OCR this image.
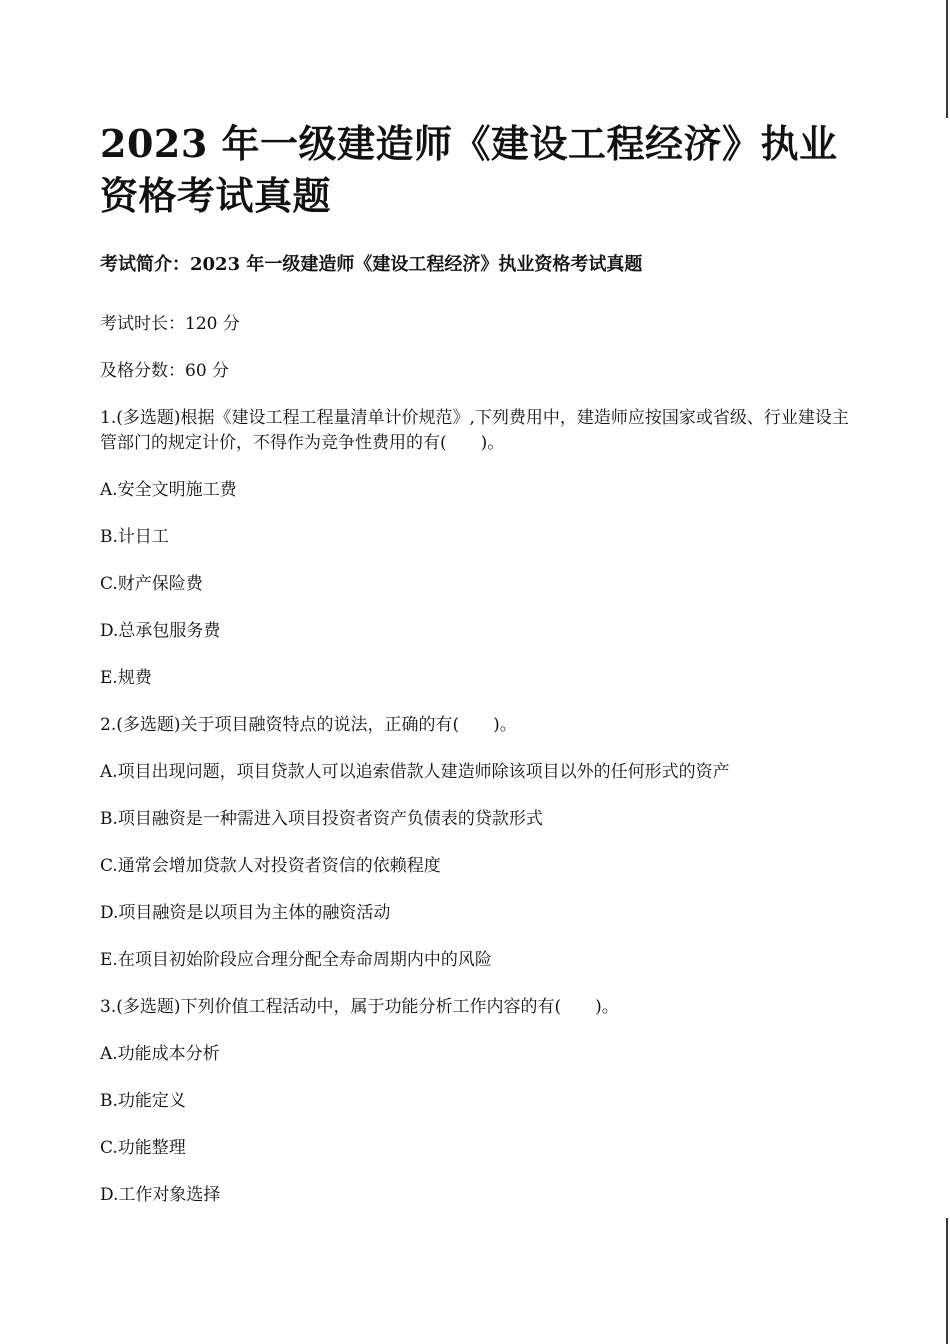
2023 年一级建造师《建设工程经济》执业资格考试真题

考试简介：2023 年一级建造师《建设工程经济》执业资格考试真题

考试时长：120 分

及格分数：60 分

1.(多选题)根据《建设工程工程量清单计价规范》,下列费用中，建造师应按国家或省级、行业建设主管部门的规定计价，不得作为竞争性费用的有(　　)。

A.安全文明施工费

B.计日工

C.财产保险费

D.总承包服务费

E.规费

2.(多选题)关于项目融资特点的说法，正确的有(　　)。

A.项目出现问题，项目贷款人可以追索借款人建造师除该项目以外的任何形式的资产

B.项目融资是一种需进入项目投资者资产负债表的贷款形式

C.通常会增加贷款人对投资者资信的依赖程度

D.项目融资是以项目为主体的融资活动

E.在项目初始阶段应合理分配全寿命周期内中的风险

3.(多选题)下列价值工程活动中，属于功能分析工作内容的有(　　)。

A.功能成本分析

B.功能定义

C.功能整理

D.工作对象选择
